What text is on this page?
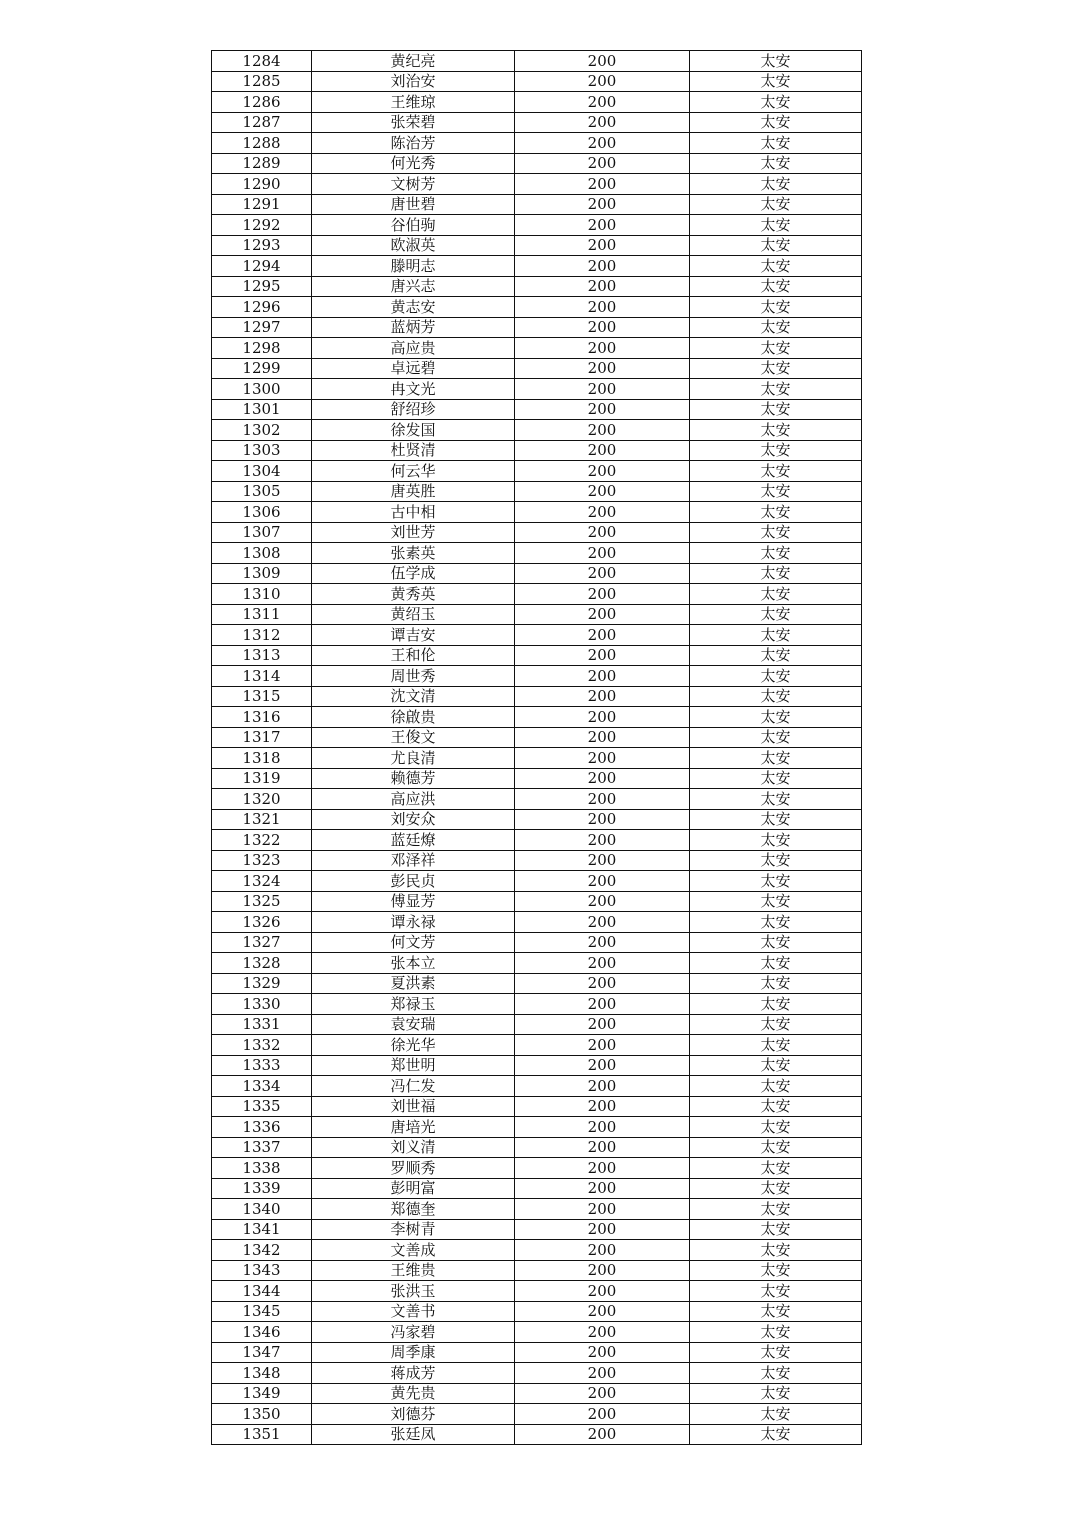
1284	黄纪亮	200	太安
1285	刘治安	200	太安
1286	王维琼	200	太安
1287	张荣碧	200	太安
1288	陈治芳	200	太安
1289	何光秀	200	太安
1290	文树芳	200	太安
1291	唐世碧	200	太安
1292	谷伯驹	200	太安
1293	欧淑英	200	太安
1294	滕明志	200	太安
1295	唐兴志	200	太安
1296	黄志安	200	太安
1297	蓝炳芳	200	太安
1298	高应贵	200	太安
1299	卓远碧	200	太安
1300	冉文光	200	太安
1301	舒绍珍	200	太安
1302	徐发国	200	太安
1303	杜贤清	200	太安
1304	何云华	200	太安
1305	唐英胜	200	太安
1306	古中相	200	太安
1307	刘世芳	200	太安
1308	张素英	200	太安
1309	伍学成	200	太安
1310	黄秀英	200	太安
1311	黄绍玉	200	太安
1312	谭吉安	200	太安
1313	王和伦	200	太安
1314	周世秀	200	太安
1315	沈文清	200	太安
1316	徐啟贵	200	太安
1317	王俊文	200	太安
1318	尤良清	200	太安
1319	赖德芳	200	太安
1320	高应洪	200	太安
1321	刘安众	200	太安
1322	蓝廷燎	200	太安
1323	邓泽祥	200	太安
1324	彭民贞	200	太安
1325	傅显芳	200	太安
1326	谭永禄	200	太安
1327	何文芳	200	太安
1328	张本立	200	太安
1329	夏洪素	200	太安
1330	郑禄玉	200	太安
1331	袁安瑞	200	太安
1332	徐光华	200	太安
1333	郑世明	200	太安
1334	冯仁发	200	太安
1335	刘世福	200	太安
1336	唐培光	200	太安
1337	刘义清	200	太安
1338	罗顺秀	200	太安
1339	彭明富	200	太安
1340	郑德奎	200	太安
1341	李树青	200	太安
1342	文善成	200	太安
1343	王维贵	200	太安
1344	张洪玉	200	太安
1345	文善书	200	太安
1346	冯家碧	200	太安
1347	周季康	200	太安
1348	蒋成芳	200	太安
1349	黄先贵	200	太安
1350	刘德芬	200	太安
1351	张廷凤	200	太安
